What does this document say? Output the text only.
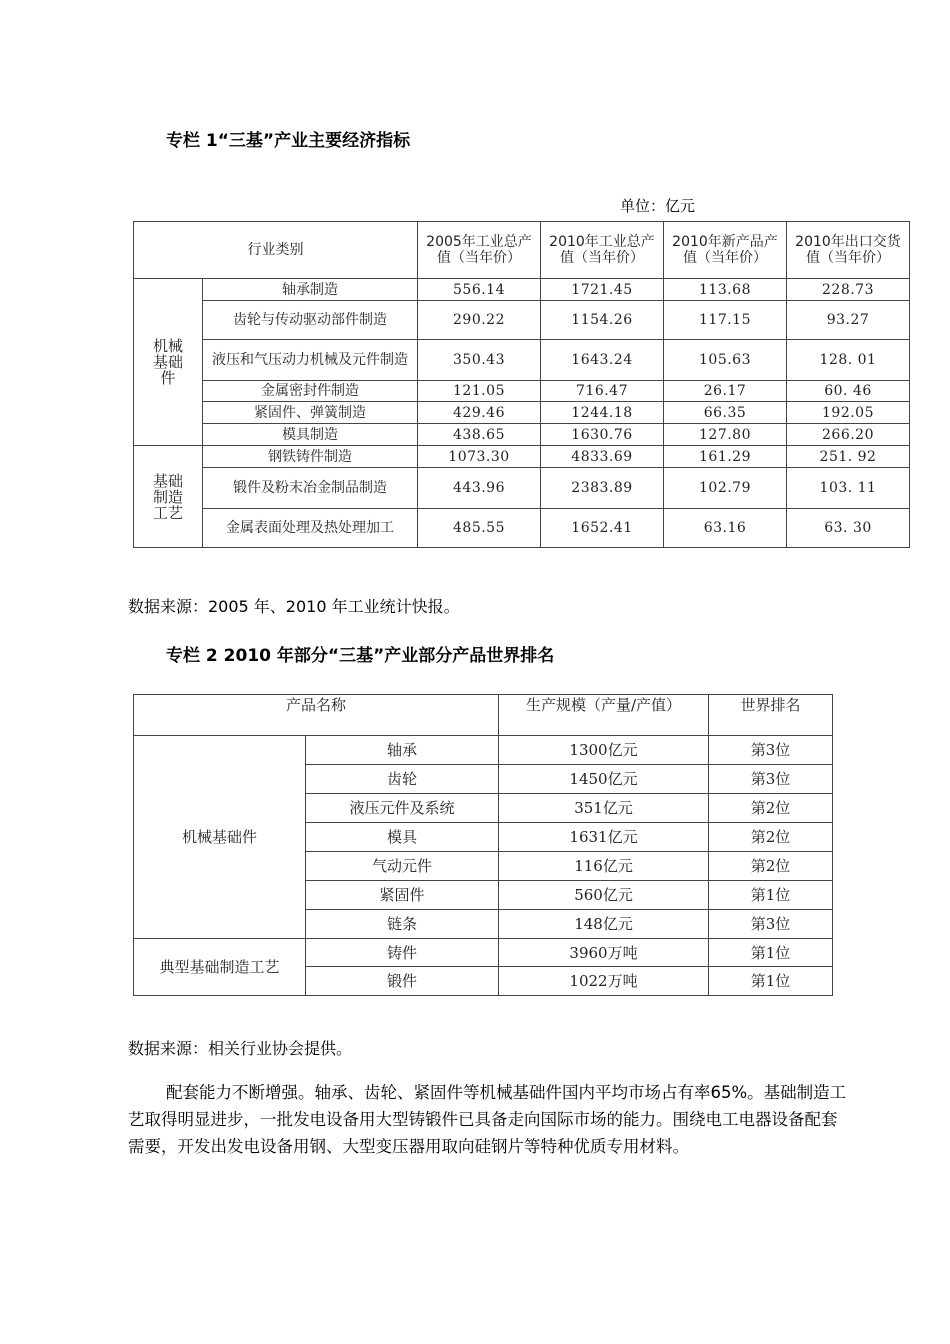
专栏 1“三基”产业主要经济指标
单位：亿元
行业类别		2005年工业总产值（当年价）	2010年工业总产值（当年价）	2010年新产品产值（当年价）	2010年出口交货值（当年价）
机械基础件	轴承制造	556.14	1721.45	113.68	228.73
	齿轮与传动驱动部件制造	290.22	1154.26	117.15	93.27
	液压和气压动力机械及元件制造	350.43	1643.24	105.63	128. 01
	金属密封件制造	121.05	716.47	26.17	60. 46
	紧固件、弹簧制造	429.46	1244.18	66.35	192.05
	模具制造	438.65	1630.76	127.80	266.20
基础制造工艺	钢铁铸件制造	1073.30	4833.69	161.29	251. 92
	锻件及粉末冶金制品制造	443.96	2383.89	102.79	103. 11
	金属表面处理及热处理加工	485.55	1652.41	63.16	63. 30
数据来源：2005 年、2010 年工业统计快报。
专栏 2 2010 年部分“三基”产业部分产品世界排名
产品名称		生产规模（产量/产值）	世界排名
机械基础件	轴承	1300亿元	第3位
	齿轮	1450亿元	第3位
	液压元件及系统	351亿元	第2位
	模具	1631亿元	第2位
	气动元件	116亿元	第2位
	紧固件	560亿元	第1位
	链条	148亿元	第3位
典型基础制造工艺	铸件	3960万吨	第1位
	锻件	1022万吨	第1位
数据来源：相关行业协会提供。
配套能力不断增强。轴承、齿轮、紧固件等机械基础件国内平均市场占有率65%。基础制造工艺取得明显进步，一批发电设备用大型铸锻件已具备走向国际市场的能力。围绕电工电器设备配套需要，开发出发电设备用钢、大型变压器用取向硅钢片等特种优质专用材料。
